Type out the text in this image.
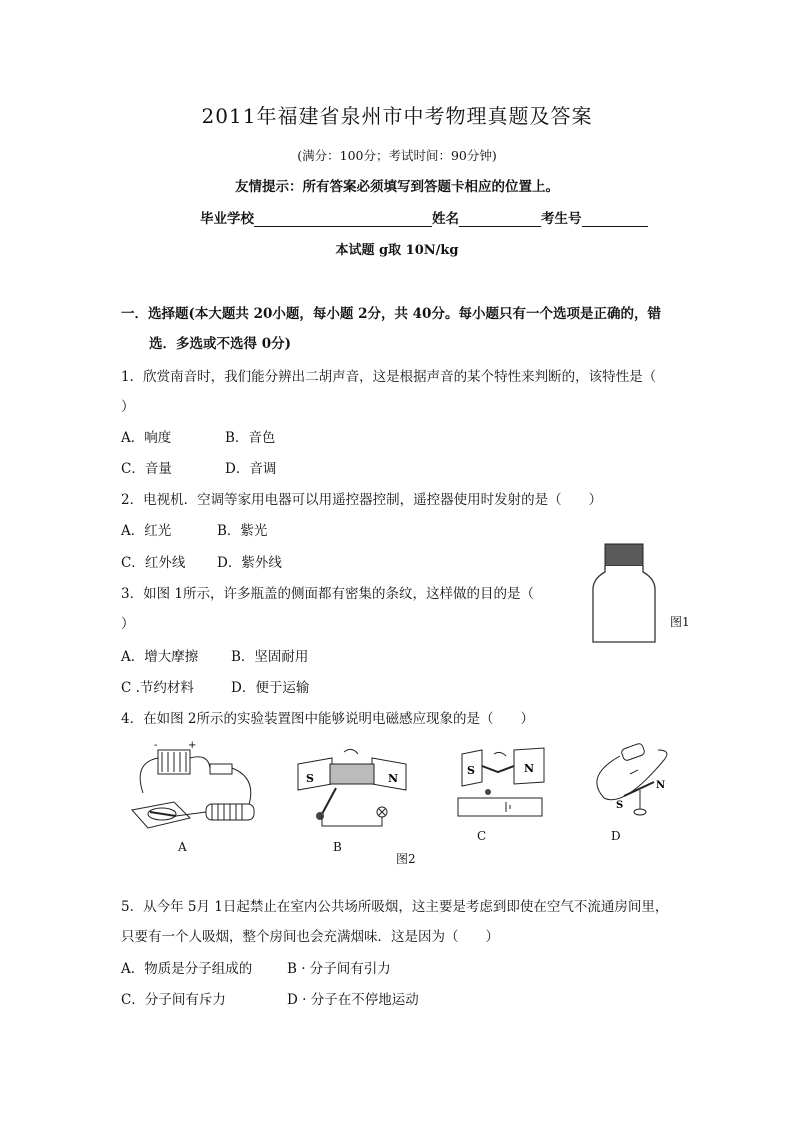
2011年福建省泉州市中考物理真题及答案
(满分：100分；考试时间：90分钟)
友情提示：所有答案必须填写到答题卡相应的位置上。
毕业学校	姓名	考生号
本试题 g取 10N/kg
一．选择题(本大题共 20小题，每小题 2分，共 40分。每小题只有一个选项是正确的，错
选．多选或不选得 0分)
1．欣赏南音时，我们能分辨出二胡声音，这是根据声音的某个特性来判断的，该特性是（
）
A．响度	B．音色
C．音量	D．音调
2．电视机．空调等家用电器可以用遥控器控制，遥控器使用时发射的是（　　）
A．红光	B．紫光
C．红外线 D．紫外线
3．如图 1所示，许多瓶盖的侧面都有密集的条纹，这样做的目的是（
）
A．增大摩擦 B．坚固耐用
C .节约材料	D．便于运输
图1
4．在如图 2所示的实验装置图中能够说明电磁感应现象的是（　　）
-	+
A
S	N
B
S	N
C
N
S
D
图2
5．从今年 5月 1日起禁止在室内公共场所吸烟，这主要是考虑到即使在空气不流通房间里，
只要有一个人吸烟，整个房间也会充满烟味．这是因为（　　）
A．物质是分子组成的	B · 分子间有引力
C．分子间有斥力	D · 分子在不停地运动
